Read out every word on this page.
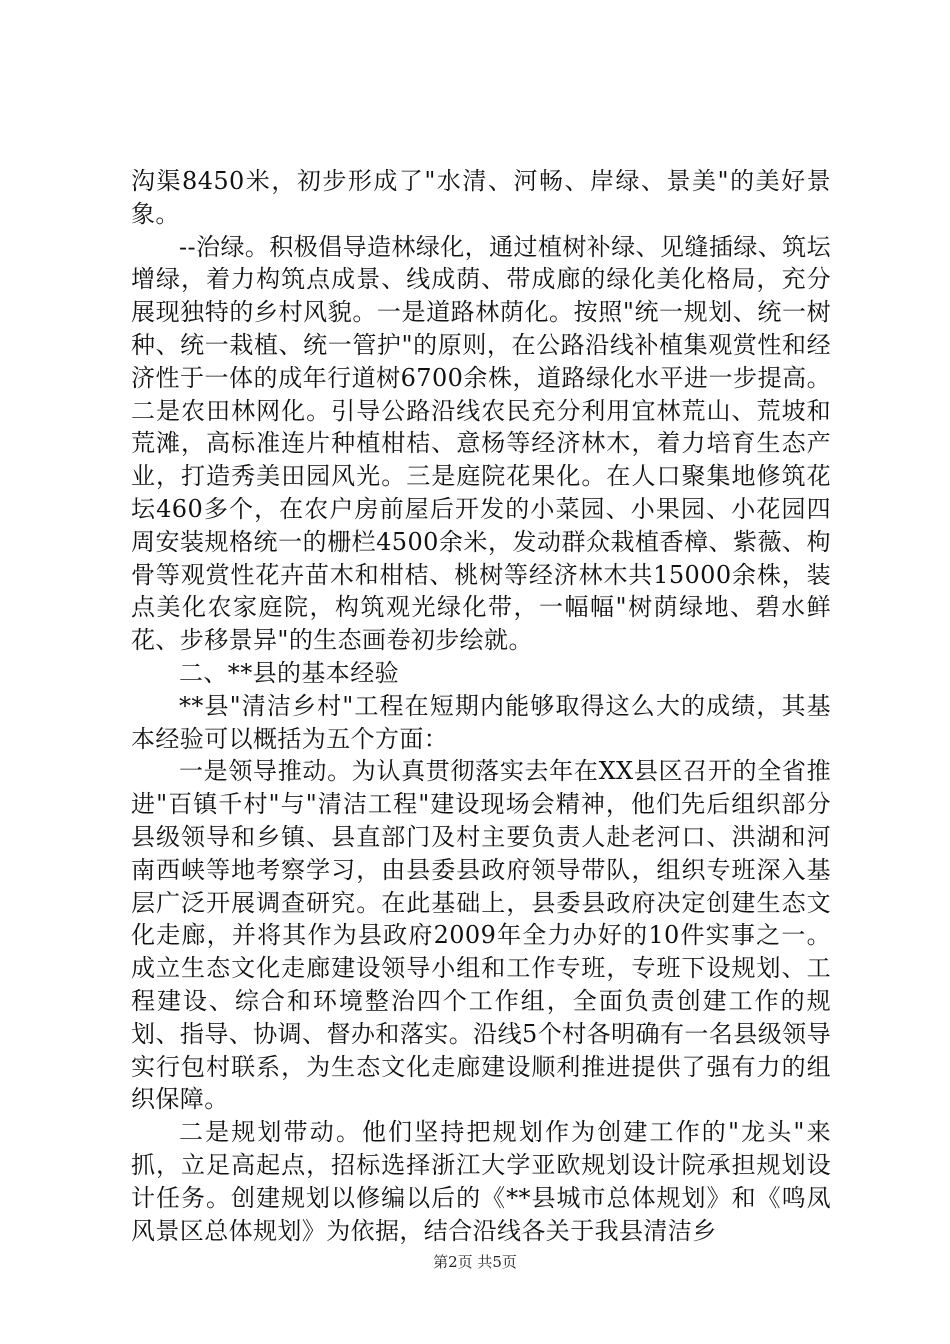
沟渠8450米，初步形成了"水清、河畅、岸绿、景美"的美好景象。

--治绿。积极倡导造林绿化，通过植树补绿、见缝插绿、筑坛增绿，着力构筑点成景、线成荫、带成廊的绿化美化格局，充分展现独特的乡村风貌。一是道路林荫化。按照"统一规划、统一树种、统一栽植、统一管护"的原则，在公路沿线补植集观赏性和经济性于一体的成年行道树6700余株，道路绿化水平进一步提高。二是农田林网化。引导公路沿线农民充分利用宜林荒山、荒坡和荒滩，高标准连片种植柑桔、意杨等经济林木，着力培育生态产业，打造秀美田园风光。三是庭院花果化。在人口聚集地修筑花坛460多个，在农户房前屋后开发的小菜园、小果园、小花园四周安装规格统一的栅栏4500余米，发动群众栽植香樟、紫薇、枸骨等观赏性花卉苗木和柑桔、桃树等经济林木共15000余株，装点美化农家庭院，构筑观光绿化带，一幅幅"树荫绿地、碧水鲜花、步移景异"的生态画卷初步绘就。

二、**县的基本经验

**县"清洁乡村"工程在短期内能够取得这么大的成绩，其基本经验可以概括为五个方面：

一是领导推动。为认真贯彻落实去年在XX县区召开的全省推进"百镇千村"与"清洁工程"建设现场会精神，他们先后组织部分县级领导和乡镇、县直部门及村主要负责人赴老河口、洪湖和河南西峡等地考察学习，由县委县政府领导带队，组织专班深入基层广泛开展调查研究。在此基础上，县委县政府决定创建生态文化走廊，并将其作为县政府2009年全力办好的10件实事之一。成立生态文化走廊建设领导小组和工作专班，专班下设规划、工程建设、综合和环境整治四个工作组，全面负责创建工作的规划、指导、协调、督办和落实。沿线5个村各明确有一名县级领导实行包村联系，为生态文化走廊建设顺利推进提供了强有力的组织保障。

二是规划带动。他们坚持把规划作为创建工作的"龙头"来抓，立足高起点，招标选择浙江大学亚欧规划设计院承担规划设计任务。创建规划以修编以后的《**县城市总体规划》和《鸣凤风景区总体规划》为依据，结合沿线各关于我县清洁乡

第2页 共5页
